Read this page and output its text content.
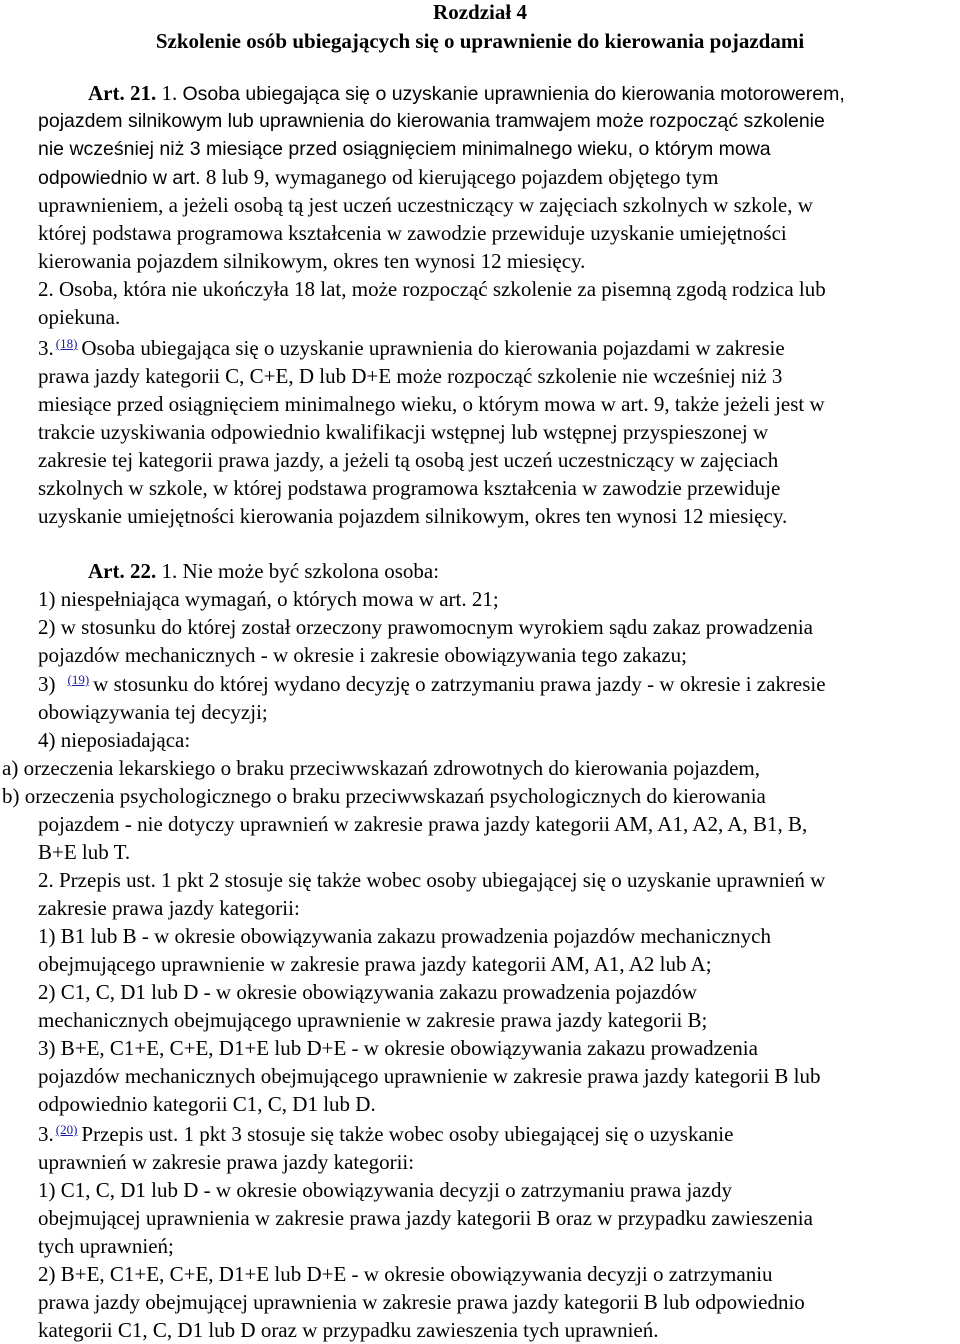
Rozdział 4

Szkolenie osób ubiegających się o uprawnienie do kierowania pojazdami

Art. 21. 1. Osoba ubiegająca się o uzyskanie uprawnienia do kierowania motorowerem,

pojazdem silnikowym lub uprawnienia do kierowania tramwajem może rozpocząć szkolenie

nie wcześniej niż 3 miesiące przed osiągnięciem minimalnego wieku, o którym mowa

odpowiednio w art. 8 lub 9, wymaganego od kierującego pojazdem objętego tym

uprawnieniem, a jeżeli osobą tą jest uczeń uczestniczący w zajęciach szkolnych w szkole, w

której podstawa programowa kształcenia w zawodzie przewiduje uzyskanie umiejętności

kierowania pojazdem silnikowym, okres ten wynosi 12 miesięcy.

2. Osoba, która nie ukończyła 18 lat, może rozpocząć szkolenie za pisemną zgodą rodzica lub

opiekuna.

3. $^{(18)}$ Osoba ubiegająca się o uzyskanie uprawnienia do kierowania pojazdami w zakresie

prawa jazdy kategorii C, C+E, D lub D+E może rozpocząć szkolenie nie wcześniej niż 3

miesiące przed osiągnięciem minimalnego wieku, o którym mowa w art. 9, także jeżeli jest w

trakcie uzyskiwania odpowiednio kwalifikacji wstępnej lub wstępnej przyspieszonej w

zakresie tej kategorii prawa jazdy, a jeżeli tą osobą jest uczeń uczestniczący w zajęciach

szkolnych w szkole, w której podstawa programowa kształcenia w zawodzie przewiduje

uzyskanie umiejętności kierowania pojazdem silnikowym, okres ten wynosi 12 miesięcy.

Art. 22. 1. Nie może być szkolona osoba:

1) niespełniająca wymagań, o których mowa w art. 21;

2) w stosunku do której został orzeczony prawomocnym wyrokiem sądu zakaz prowadzenia

pojazdów mechanicznych - w okresie i zakresie obowiązywania tego zakazu;

3) $^{(19)}$ w stosunku do której wydano decyzję o zatrzymaniu prawa jazdy - w okresie i zakresie

obowiązywania tej decyzji;

4) nieposiadająca:

a) orzeczenia lekarskiego o braku przeciwwskazań zdrowotnych do kierowania pojazdem,

b) orzeczenia psychologicznego o braku przeciwwskazań psychologicznych do kierowania

pojazdem - nie dotyczy uprawnień w zakresie prawa jazdy kategorii AM, A1, A2, A, B1, B,

B+E lub T.

2. Przepis ust. 1 pkt 2 stosuje się także wobec osoby ubiegającej się o uzyskanie uprawnień w

zakresie prawa jazdy kategorii:

1) B1 lub B - w okresie obowiązywania zakazu prowadzenia pojazdów mechanicznych

obejmującego uprawnienie w zakresie prawa jazdy kategorii AM, A1, A2 lub A;

2) C1, C, D1 lub D - w okresie obowiązywania zakazu prowadzenia pojazdów

mechanicznych obejmującego uprawnienie w zakresie prawa jazdy kategorii B;

3) B+E, C1+E, C+E, D1+E lub D+E - w okresie obowiązywania zakazu prowadzenia

pojazdów mechanicznych obejmującego uprawnienie w zakresie prawa jazdy kategorii B lub

odpowiednio kategorii C1, C, D1 lub D.

3. $^{(20)}$ Przepis ust. 1 pkt 3 stosuje się także wobec osoby ubiegającej się o uzyskanie

uprawnień w zakresie prawa jazdy kategorii:

1) C1, C, D1 lub D - w okresie obowiązywania decyzji o zatrzymaniu prawa jazdy

obejmującej uprawnienia w zakresie prawa jazdy kategorii B oraz w przypadku zawieszenia

tych uprawnień;

2) B+E, C1+E, C+E, D1+E lub D+E - w okresie obowiązywania decyzji o zatrzymaniu

prawa jazdy obejmującej uprawnienia w zakresie prawa jazdy kategorii B lub odpowiednio

kategorii C1, C, D1 lub D oraz w przypadku zawieszenia tych uprawnień.
